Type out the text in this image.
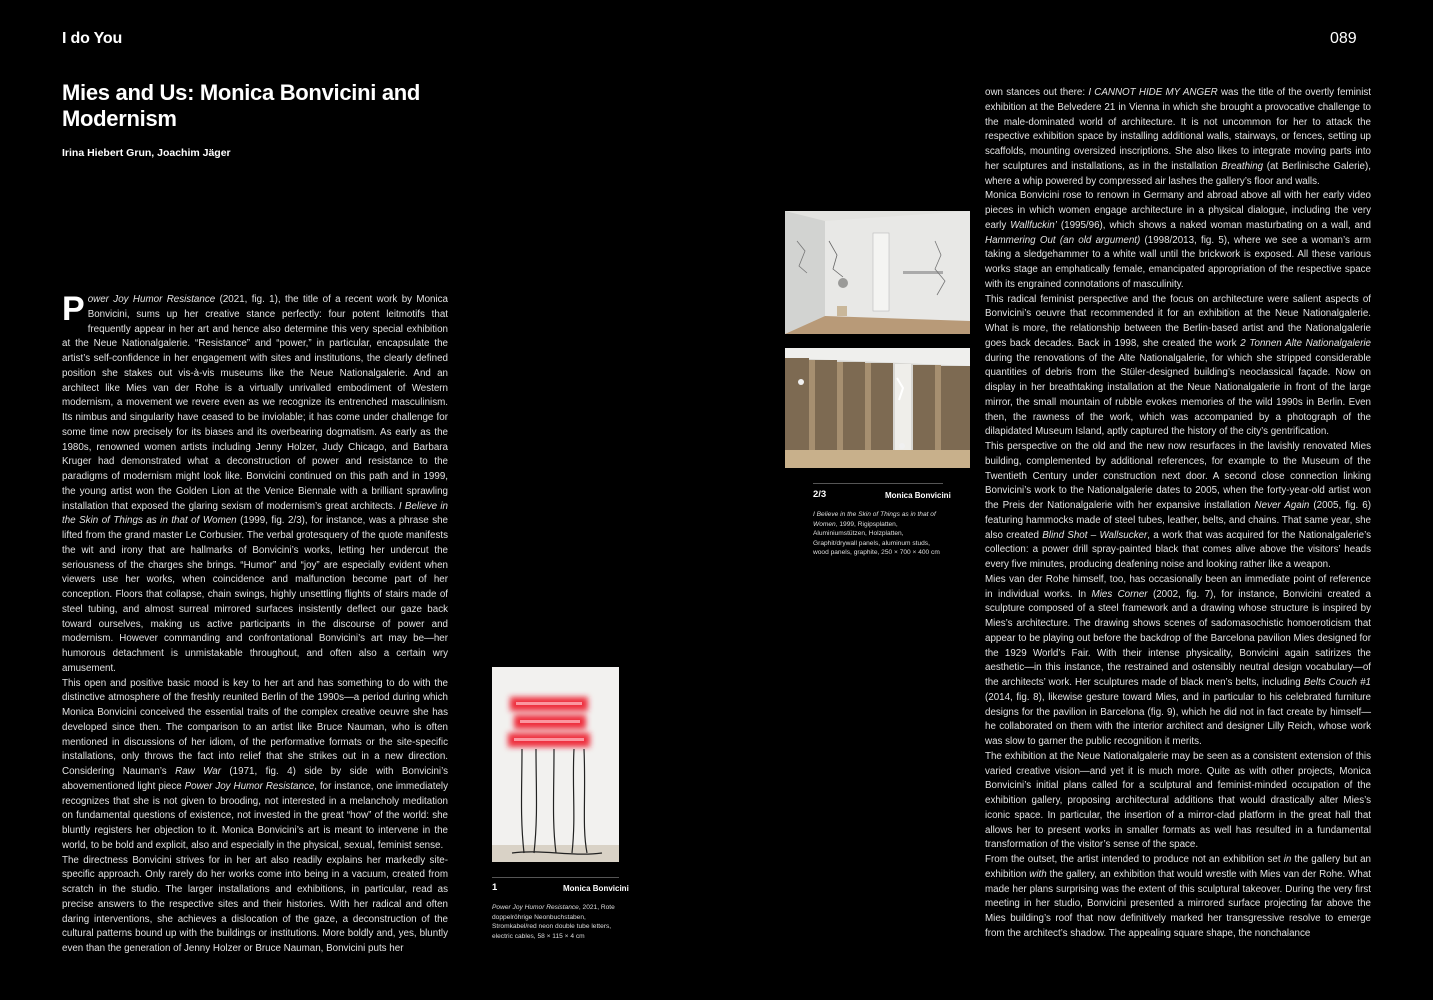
I do You	089
Mies and Us: Monica Bonvicini and Modernism
Irina Hiebert Grun, Joachim Jäger

Power Joy Humor Resistance (2021, fig. 1), the title of a recent work by Monica Bonvicini, sums up her creative stance perfectly: four potent leitmotifs that frequently appear in her art and hence also determine this very special exhibition at the Neue Nationalgalerie. “Resistance” and “power,” in particular, encapsulate the artist’s self-confidence in her engagement with sites and institutions, the clearly defined position she stakes out vis-à-vis museums like the Neue Nationalgalerie. And an architect like Mies van der Rohe is a virtually unrivalled embodiment of Western modernism, a movement we revere even as we recognize its entrenched masculinism. Its nimbus and singularity have ceased to be inviolable; it has come under challenge for some time now precisely for its biases and its overbearing dogmatism. As early as the 1980s, renowned women artists including Jenny Holzer, Judy Chicago, and Barbara Kruger had demonstrated what a deconstruction of power and resistance to the paradigms of modernism might look like. Bonvicini continued on this path and in 1999, the young artist won the Golden Lion at the Venice Biennale with a brilliant sprawling installation that exposed the glaring sexism of modernism’s great architects. I Believe in the Skin of Things as in that of Women (1999, fig. 2/3), for instance, was a phrase she lifted from the grand master Le Corbusier. The verbal grotesquery of the quote manifests the wit and irony that are hallmarks of Bonvicini’s works, letting her undercut the seriousness of the charges she brings. “Humor” and “joy” are especially evident when viewers use her works, when coincidence and malfunction become part of her conception. Floors that collapse, chain swings, highly unsettling flights of stairs made of steel tubing, and almost surreal mirrored surfaces insistently deflect our gaze back toward ourselves, making us active participants in the discourse of power and modernism. However commanding and confrontational Bonvicini’s art may be—her humorous detachment is unmistakable throughout, and often also a certain wry amusement.

This open and positive basic mood is key to her art and has something to do with the distinctive atmosphere of the freshly reunited Berlin of the 1990s—a period during which Monica Bonvicini conceived the essential traits of the complex creative oeuvre she has developed since then. The comparison to an artist like Bruce Nauman, who is often mentioned in discussions of her idiom, of the performative formats or the site-specific installations, only throws the fact into relief that she strikes out in a new direction. Considering Nauman’s Raw War (1971, fig. 4) side by side with Bonvicini’s abovementioned light piece Power Joy Humor Resistance, for instance, one immediately recognizes that she is not given to brooding, not interested in a melancholy meditation on fundamental questions of existence, not invested in the great “how” of the world: she bluntly registers her objection to it. Monica Bonvicini’s art is meant to intervene in the world, to be bold and explicit, also and especially in the physical, sexual, feminist sense.

The directness Bonvicini strives for in her art also readily explains her markedly site-specific approach. Only rarely do her works come into being in a vacuum, created from scratch in the studio. The larger installations and exhibitions, in particular, read as precise answers to the respective sites and their histories. With her radical and often daring interventions, she achieves a dislocation of the gaze, a deconstruction of the cultural patterns bound up with the buildings or institutions. More boldly and, yes, bluntly even than the generation of Jenny Holzer or Bruce Nauman, Bonvicini puts her

1	Monica Bonvicini
Power Joy Humor Resistance, 2021, Rote doppelröhrige Neonbuchstaben, Stromkabel/red neon double tube letters, electric cables, 58 × 115 × 4 cm
2/3	Monica Bonvicini
I Believe in the Skin of Things as in that of Women, 1999, Rigipsplatten, Aluminiumstützen, Holzplatten, Graphit/drywall panels, aluminum studs, wood panels, graphite, 250 × 700 × 400 cm

own stances out there: I CANNOT HIDE MY ANGER was the title of the overtly feminist exhibition at the Belvedere 21 in Vienna in which she brought a provocative challenge to the male-dominated world of architecture. It is not uncommon for her to attack the respective exhibition space by installing additional walls, stairways, or fences, setting up scaffolds, mounting oversized inscriptions. She also likes to integrate moving parts into her sculptures and installations, as in the installation Breathing (at Berlinische Galerie), where a whip powered by compressed air lashes the gallery’s floor and walls.

Monica Bonvicini rose to renown in Germany and abroad above all with her early video pieces in which women engage architecture in a physical dialogue, including the very early Wallfuckin’ (1995/96), which shows a naked woman masturbating on a wall, and Hammering Out (an old argument) (1998/2013, fig. 5), where we see a woman’s arm taking a sledgehammer to a white wall until the brickwork is exposed. All these various works stage an emphatically female, emancipated appropriation of the respective space with its engrained connotations of masculinity.

This radical feminist perspective and the focus on architecture were salient aspects of Bonvicini’s oeuvre that recommended it for an exhibition at the Neue Nationalgalerie. What is more, the relationship between the Berlin-based artist and the Nationalgalerie goes back decades. Back in 1998, she created the work 2 Tonnen Alte Nationalgalerie during the renovations of the Alte Nationalgalerie, for which she stripped considerable quantities of debris from the Stüler-designed building’s neoclassical façade. Now on display in her breathtaking installation at the Neue Nationalgalerie in front of the large mirror, the small mountain of rubble evokes memories of the wild 1990s in Berlin. Even then, the rawness of the work, which was accompanied by a photograph of the dilapidated Museum Island, aptly captured the history of the city’s gentrification.

This perspective on the old and the new now resurfaces in the lavishly renovated Mies building, complemented by additional references, for example to the Museum of the Twentieth Century under construction next door. A second close connection linking Bonvicini’s work to the Nationalgalerie dates to 2005, when the forty-year-old artist won the Preis der Nationalgalerie with her expansive installation Never Again (2005, fig. 6) featuring hammocks made of steel tubes, leather, belts, and chains. That same year, she also created Blind Shot – Wallsucker, a work that was acquired for the Nationalgalerie’s collection: a power drill spray-painted black that comes alive above the visitors’ heads every five minutes, producing deafening noise and looking rather like a weapon.

Mies van der Rohe himself, too, has occasionally been an immediate point of reference in individual works. In Mies Corner (2002, fig. 7), for instance, Bonvicini created a sculpture composed of a steel framework and a drawing whose structure is inspired by Mies’s architecture. The drawing shows scenes of sadomasochistic homoeroticism that appear to be playing out before the backdrop of the Barcelona pavilion Mies designed for the 1929 World’s Fair. With their intense physicality, Bonvicini again satirizes the aesthetic—in this instance, the restrained and ostensibly neutral design vocabulary—of the architects’ work. Her sculptures made of black men’s belts, including Belts Couch #1 (2014, fig. 8), likewise gesture toward Mies, and in particular to his celebrated furniture designs for the pavilion in Barcelona (fig. 9), which he did not in fact create by himself—he collaborated on them with the interior architect and designer Lilly Reich, whose work was slow to garner the public recognition it merits.

The exhibition at the Neue Nationalgalerie may be seen as a consistent extension of this varied creative vision—and yet it is much more. Quite as with other projects, Monica Bonvicini’s initial plans called for a sculptural and feminist-minded occupation of the exhibition gallery, proposing architectural additions that would drastically alter Mies’s iconic space. In particular, the insertion of a mirror-clad platform in the great hall that allows her to present works in smaller formats as well has resulted in a fundamental transformation of the visitor’s sense of the space.

From the outset, the artist intended to produce not an exhibition set in the gallery but an exhibition with the gallery, an exhibition that would wrestle with Mies van der Rohe. What made her plans surprising was the extent of this sculptural takeover. During the very first meeting in her studio, Bonvicini presented a mirrored surface projecting far above the Mies building’s roof that now definitively marked her transgressive resolve to emerge from the architect’s shadow. The appealing square shape, the nonchalance
